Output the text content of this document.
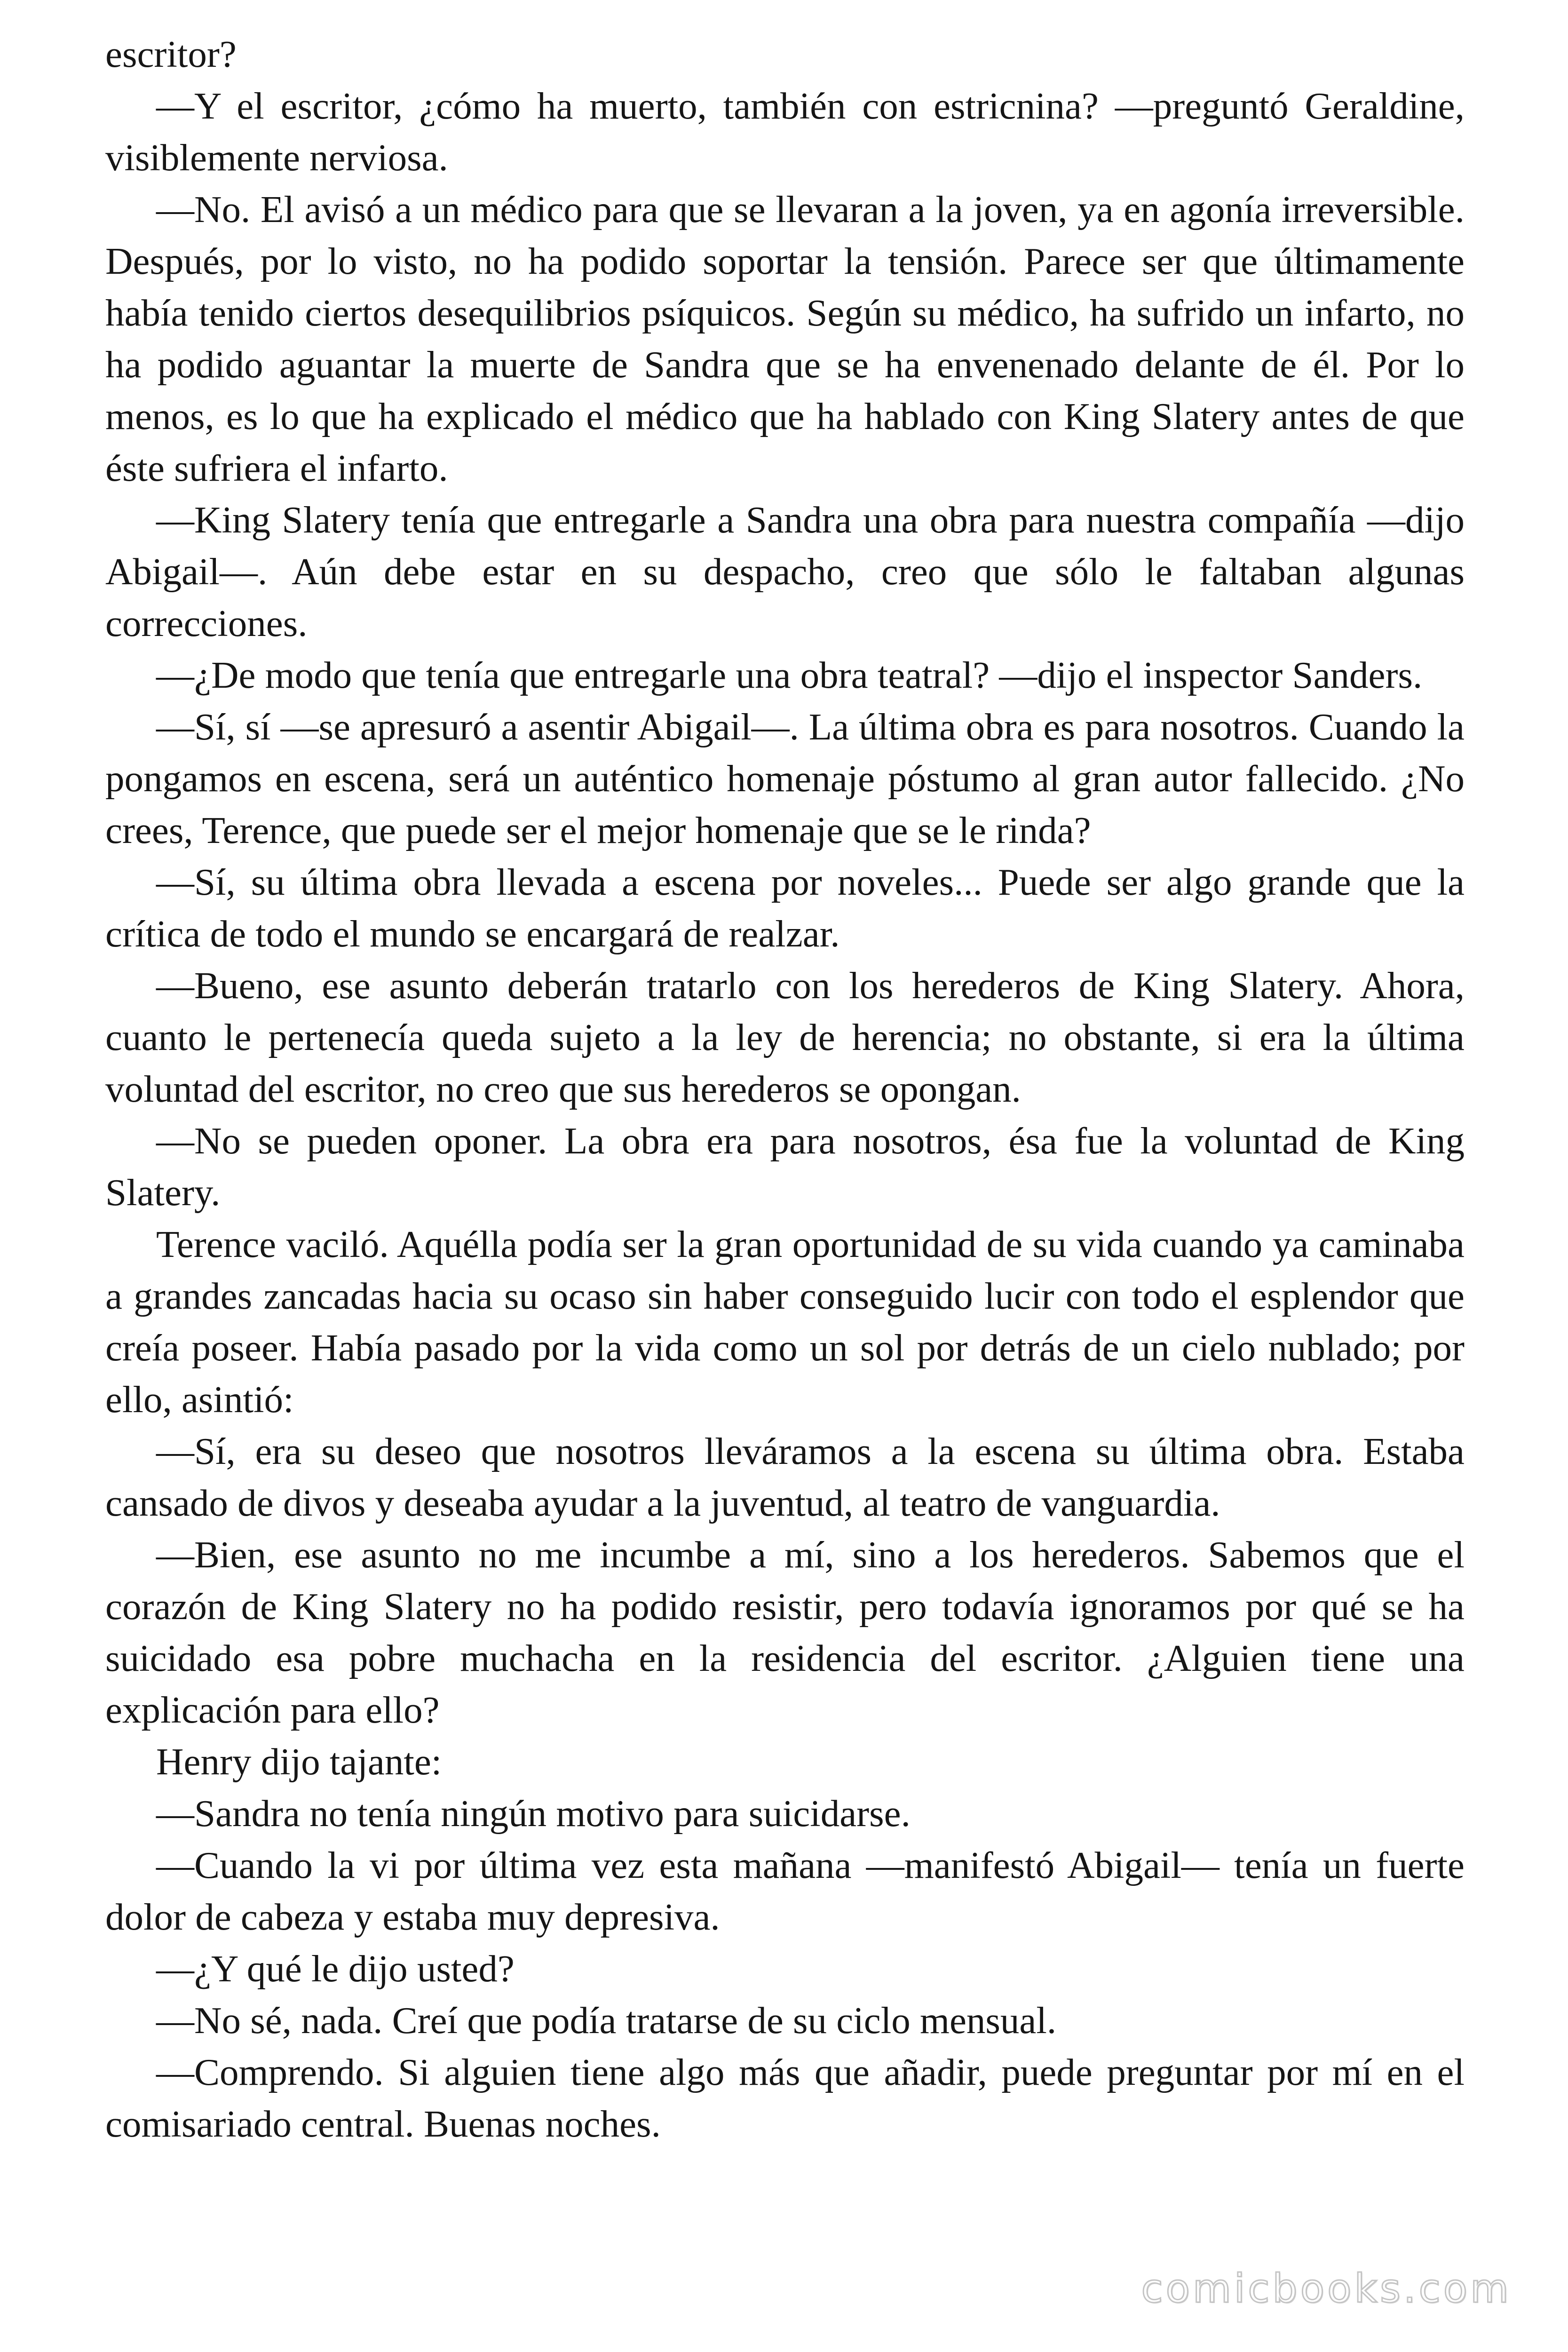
escritor?

—Y el escritor, ¿cómo ha muerto, también con estricnina? —preguntó Geraldine, visiblemente nerviosa.

—No. El avisó a un médico para que se llevaran a la joven, ya en agonía irreversible. Después, por lo visto, no ha podido soportar la tensión. Parece ser que últimamente había tenido ciertos desequilibrios psíquicos. Según su médico, ha sufrido un infarto, no ha podido aguantar la muerte de Sandra que se ha envenenado delante de él. Por lo menos, es lo que ha explicado el médico que ha hablado con King Slatery antes de que éste sufriera el infarto.

—King Slatery tenía que entregarle a Sandra una obra para nuestra compañía —dijo Abigail—. Aún debe estar en su despacho, creo que sólo le faltaban algunas correcciones.

—¿De modo que tenía que entregarle una obra teatral? —dijo el inspector Sanders.

—Sí, sí —se apresuró a asentir Abigail—. La última obra es para nosotros. Cuando la pongamos en escena, será un auténtico homenaje póstumo al gran autor fallecido. ¿No crees, Terence, que puede ser el mejor homenaje que se le rinda?

—Sí, su última obra llevada a escena por noveles... Puede ser algo grande que la crítica de todo el mundo se encargará de realzar.

—Bueno, ese asunto deberán tratarlo con los herederos de King Slatery. Ahora, cuanto le pertenecía queda sujeto a la ley de herencia; no obstante, si era la última voluntad del escritor, no creo que sus herederos se opongan.

—No se pueden oponer. La obra era para nosotros, ésa fue la voluntad de King Slatery.

Terence vaciló. Aquélla podía ser la gran oportunidad de su vida cuando ya caminaba a grandes zancadas hacia su ocaso sin haber conseguido lucir con todo el esplendor que creía poseer. Había pasado por la vida como un sol por detrás de un cielo nublado; por ello, asintió:

—Sí, era su deseo que nosotros lleváramos a la escena su última obra. Estaba cansado de divos y deseaba ayudar a la juventud, al teatro de vanguardia.

—Bien, ese asunto no me incumbe a mí, sino a los herederos. Sabemos que el corazón de King Slatery no ha podido resistir, pero todavía ignoramos por qué se ha suicidado esa pobre muchacha en la residencia del escritor. ¿Alguien tiene una explicación para ello?

Henry dijo tajante:

—Sandra no tenía ningún motivo para suicidarse.

—Cuando la vi por última vez esta mañana —manifestó Abigail— tenía un fuerte dolor de cabeza y estaba muy depresiva.

—¿Y qué le dijo usted?

—No sé, nada. Creí que podía tratarse de su ciclo mensual.

—Comprendo. Si alguien tiene algo más que añadir, puede preguntar por mí en el comisariado central. Buenas noches.

comicbooks.com
